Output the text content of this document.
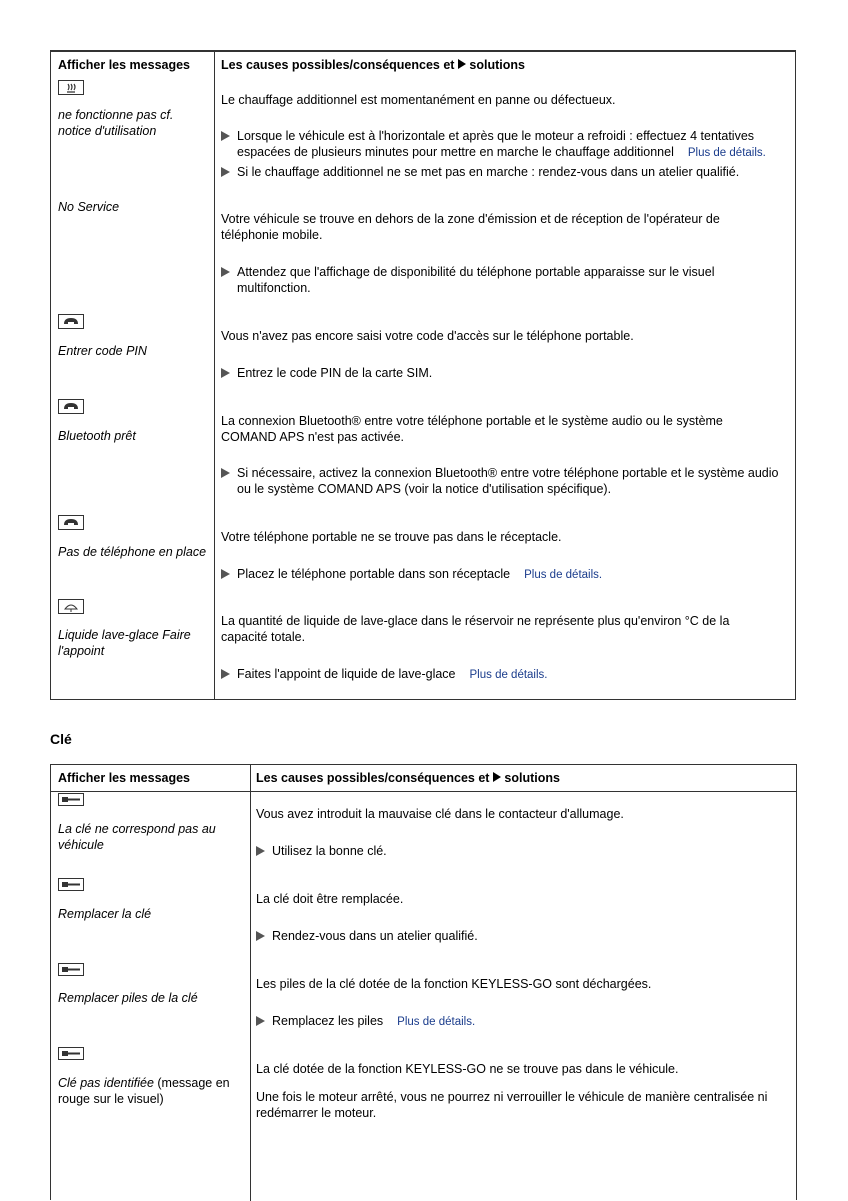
Afficher les messages Les causes possibles/conséquences et solutions
ne fonctionne pas cf. notice d'utilisation
Le chauffage additionnel est momentanément en panne ou défectueux.
Lorsque le véhicule est à l'horizontale et après que le moteur a refroidi : effectuez 4 tentatives espacées de plusieurs minutes pour mettre en marche le chauffage additionnel Plus de détails.
Si le chauffage additionnel ne se met pas en marche : rendez-vous dans un atelier qualifié.
No Service
Votre véhicule se trouve en dehors de la zone d'émission et de réception de l'opérateur de téléphonie mobile.
Attendez que l'affichage de disponibilité du téléphone portable apparaisse sur le visuel multifonction.
Entrer code PIN
Vous n'avez pas encore saisi votre code d'accès sur le téléphone portable.
Entrez le code PIN de la carte SIM.
Bluetooth prêt
La connexion Bluetooth® entre votre téléphone portable et le système audio ou le système COMAND APS n'est pas activée.
Si nécessaire, activez la connexion Bluetooth® entre votre téléphone portable et le système audio ou le système COMAND APS (voir la notice d'utilisation spécifique).
Pas de téléphone en place
Votre téléphone portable ne se trouve pas dans le réceptacle.
Placez le téléphone portable dans son réceptacle Plus de détails.
Liquide lave-glace Faire l'appoint
La quantité de liquide de lave-glace dans le réservoir ne représente plus qu'environ °C de la capacité totale.
Faites l'appoint de liquide de lave-glace Plus de détails.
Clé
Afficher les messages	Les causes possibles/conséquences et solutions
La clé ne correspond pas au véhicule
Vous avez introduit la mauvaise clé dans le contacteur d'allumage.
Utilisez la bonne clé.
Remplacer la clé
La clé doit être remplacée.
Rendez-vous dans un atelier qualifié.
Remplacer piles de la clé
Les piles de la clé dotée de la fonction KEYLESS-GO sont déchargées.
Remplacez les piles Plus de détails.
Clé pas identifiée (message en rouge sur le visuel)
La clé dotée de la fonction KEYLESS-GO ne se trouve pas dans le véhicule.
Une fois le moteur arrêté, vous ne pourrez ni verrouiller le véhicule de manière centralisée ni redémarrer le moteur.
